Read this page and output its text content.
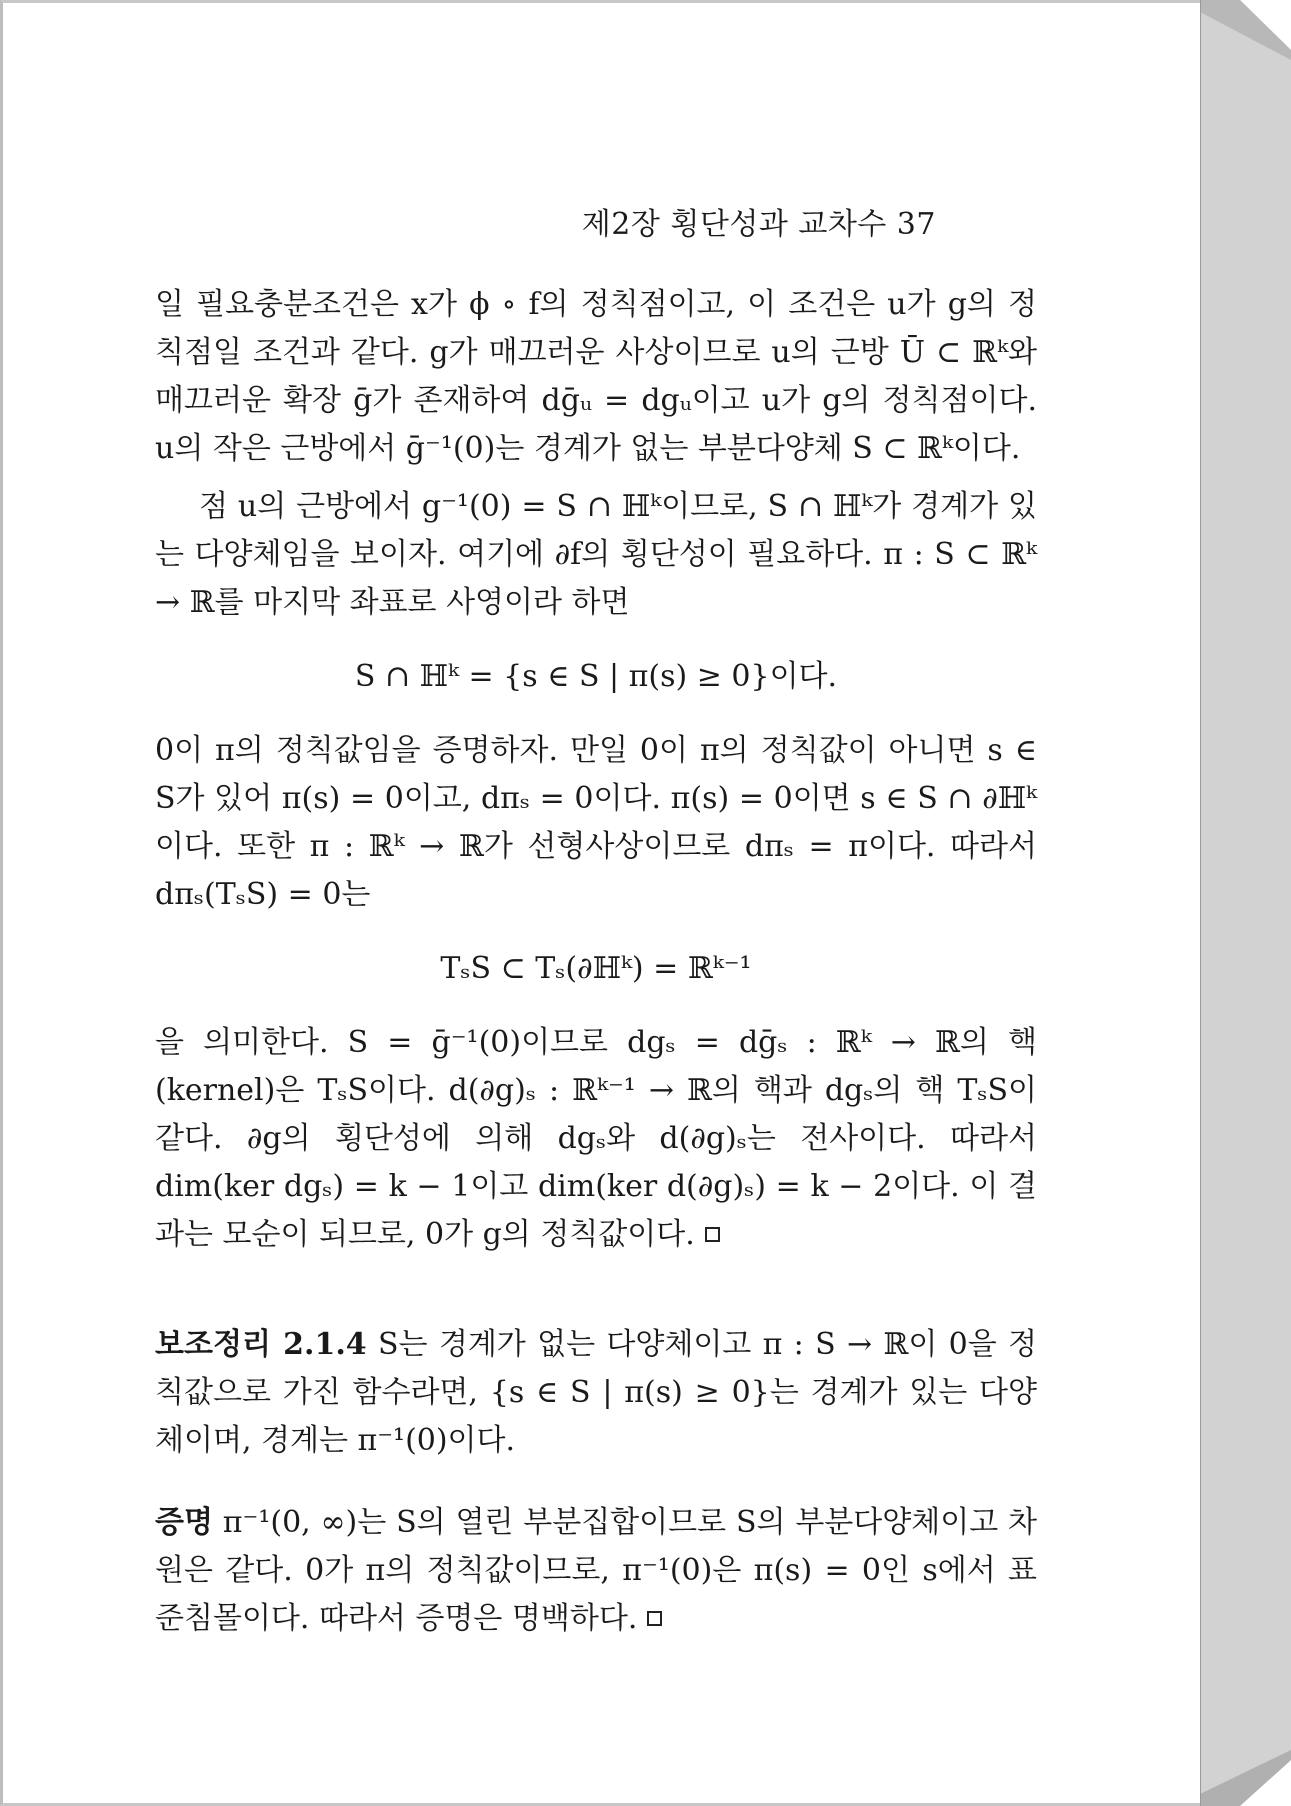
제2장 횡단성과 교차수 37

일 필요충분조건은 x가 ϕ ∘ f의 정칙점이고, 이 조건은 u가 g의 정칙점일 조건과 같다. g가 매끄러운 사상이므로 u의 근방 Ū ⊂ ℝᵏ와 매끄러운 확장 ḡ가 존재하여 dḡᵤ = dgᵤ이고 u가 g의 정칙점이다. u의 작은 근방에서 ḡ⁻¹(0)는 경계가 없는 부분다양체 S ⊂ ℝᵏ이다.

점 u의 근방에서 g⁻¹(0) = S ∩ ℍᵏ이므로, S ∩ ℍᵏ가 경계가 있는 다양체임을 보이자. 여기에 ∂f의 횡단성이 필요하다. π : S ⊂ ℝᵏ → ℝ를 마지막 좌표로 사영이라 하면

S ∩ ℍᵏ = {s ∈ S | π(s) ≥ 0}이다.

0이 π의 정칙값임을 증명하자. 만일 0이 π의 정칙값이 아니면 s ∈ S가 있어 π(s) = 0이고, dπₛ = 0이다. π(s) = 0이면 s ∈ S ∩ ∂ℍᵏ이다. 또한 π : ℝᵏ → ℝ가 선형사상이므로 dπₛ = π이다. 따라서 dπₛ(TₛS) = 0는

TₛS ⊂ Tₛ(∂ℍᵏ) = ℝᵏ⁻¹

을 의미한다. S = ḡ⁻¹(0)이므로 dgₛ = dḡₛ : ℝᵏ → ℝ의 핵(kernel)은 TₛS이다. d(∂g)ₛ : ℝᵏ⁻¹ → ℝ의 핵과 dgₛ의 핵 TₛS이 같다. ∂g의 횡단성에 의해 dgₛ와 d(∂g)ₛ는 전사이다. 따라서 dim(ker dgₛ) = k − 1이고 dim(ker d(∂g)ₛ) = k − 2이다. 이 결과는 모순이 되므로, 0가 g의 정칙값이다.

보조정리 2.1.4 S는 경계가 없는 다양체이고 π : S → ℝ이 0을 정칙값으로 가진 함수라면, {s ∈ S | π(s) ≥ 0}는 경계가 있는 다양체이며, 경계는 π⁻¹(0)이다.

증명 π⁻¹(0, ∞)는 S의 열린 부분집합이므로 S의 부분다양체이고 차원은 같다. 0가 π의 정칙값이므로, π⁻¹(0)은 π(s) = 0인 s에서 표준침몰이다. 따라서 증명은 명백하다.
